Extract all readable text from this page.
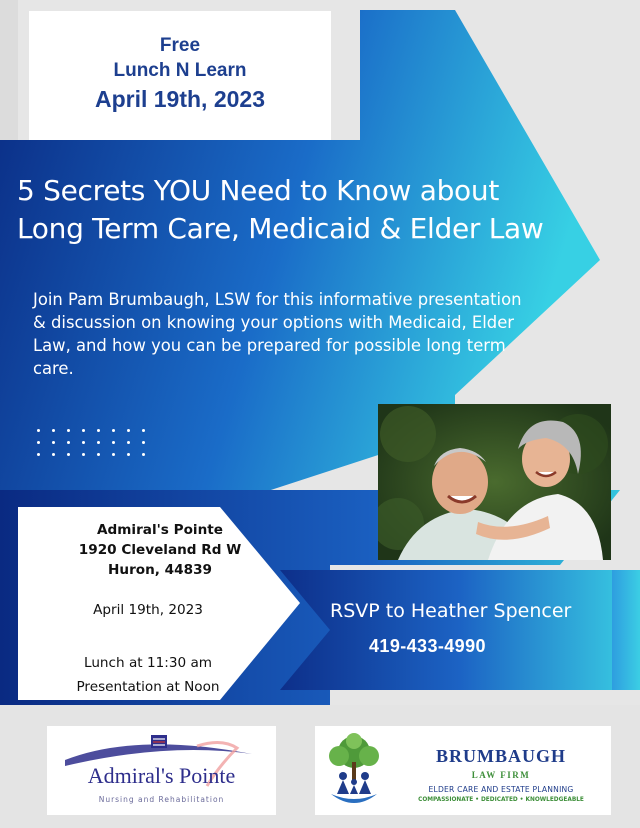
Free
Lunch N Learn
April 19th, 2023
5 Secrets YOU Need to Know about
Long Term Care, Medicaid & Elder Law
Join Pam Brumbaugh, LSW for this informative presentation & discussion on knowing your options with Medicaid, Elder Law, and how you can be prepared for possible long term care.
Admiral's Pointe
1920 Cleveland Rd W
Huron, 44839
April 19th, 2023
Lunch at 11:30 am
Presentation at Noon
RSVP to Heather Spencer
419-433-4990
Admiral's Pointe
Nursing and Rehabilitation
BRUMBAUGH
LAW FIRM
ELDER CARE AND ESTATE PLANNING
COMPASSIONATE • DEDICATED • KNOWLEDGEABLE
